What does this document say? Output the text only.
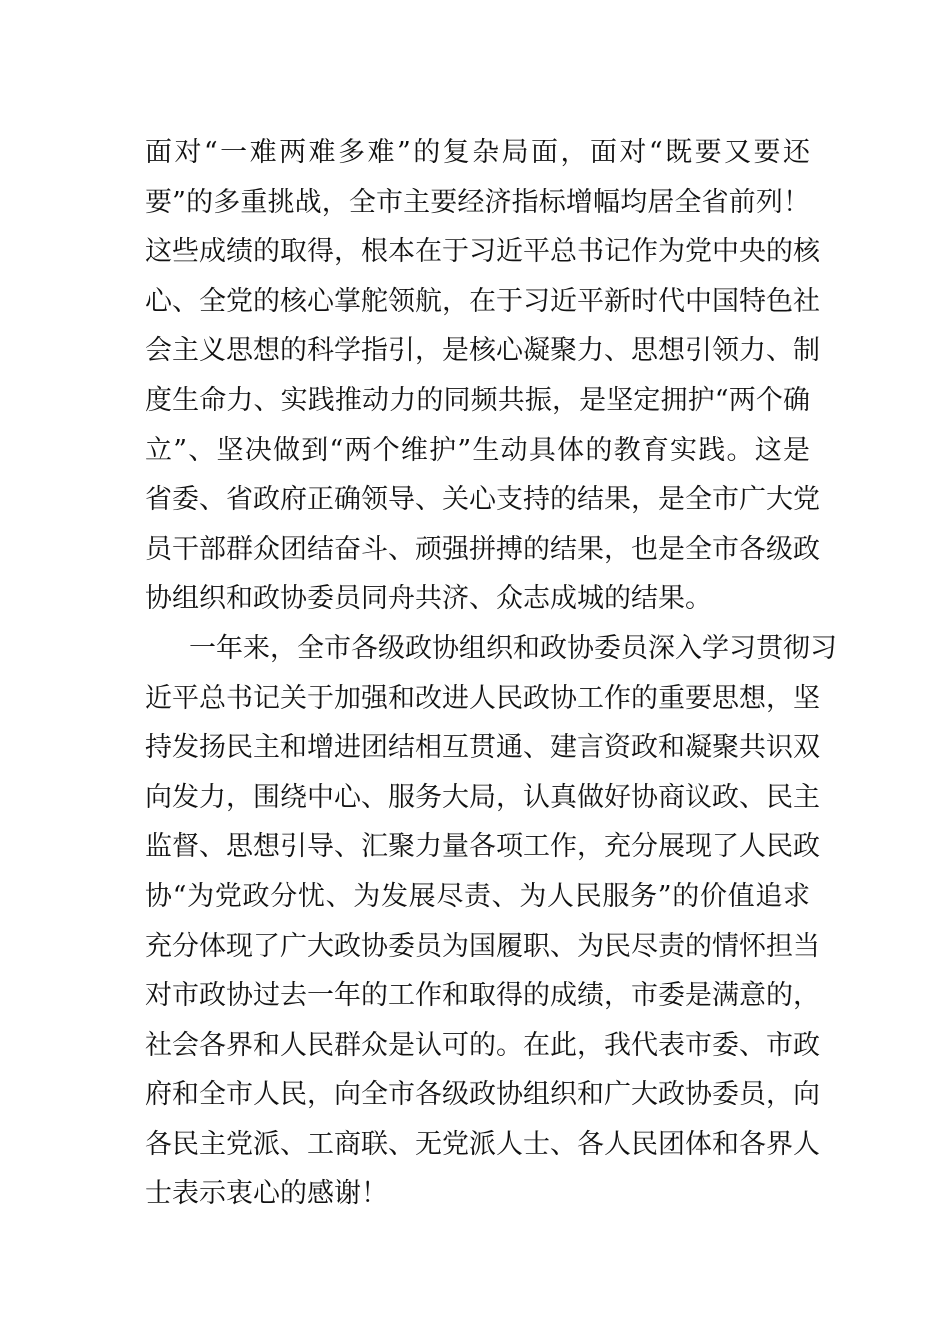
面对“一难两难多难”的复杂局面，面对“既要又要还
要”的多重挑战，全市主要经济指标增幅均居全省前列！
这些成绩的取得，根本在于习近平总书记作为党中央的核
心、全党的核心掌舵领航，在于习近平新时代中国特色社
会主义思想的科学指引，是核心凝聚力、思想引领力、制
度生命力、实践推动力的同频共振，是坚定拥护“两个确
立”、坚决做到“两个维护”生动具体的教育实践。这是
省委、省政府正确领导、关心支持的结果，是全市广大党
员干部群众团结奋斗、顽强拼搏的结果，也是全市各级政
协组织和政协委员同舟共济、众志成城的结果。
一年来，全市各级政协组织和政协委员深入学习贯彻习
近平总书记关于加强和改进人民政协工作的重要思想，坚
持发扬民主和增进团结相互贯通、建言资政和凝聚共识双
向发力，围绕中心、服务大局，认真做好协商议政、民主
监督、思想引导、汇聚力量各项工作，充分展现了人民政
协“为党政分忧、为发展尽责、为人民服务”的价值追求
充分体现了广大政协委员为国履职、为民尽责的情怀担当
对市政协过去一年的工作和取得的成绩，市委是满意的，
社会各界和人民群众是认可的。在此，我代表市委、市政
府和全市人民，向全市各级政协组织和广大政协委员，向
各民主党派、工商联、无党派人士、各人民团体和各界人
士表示衷心的感谢！
